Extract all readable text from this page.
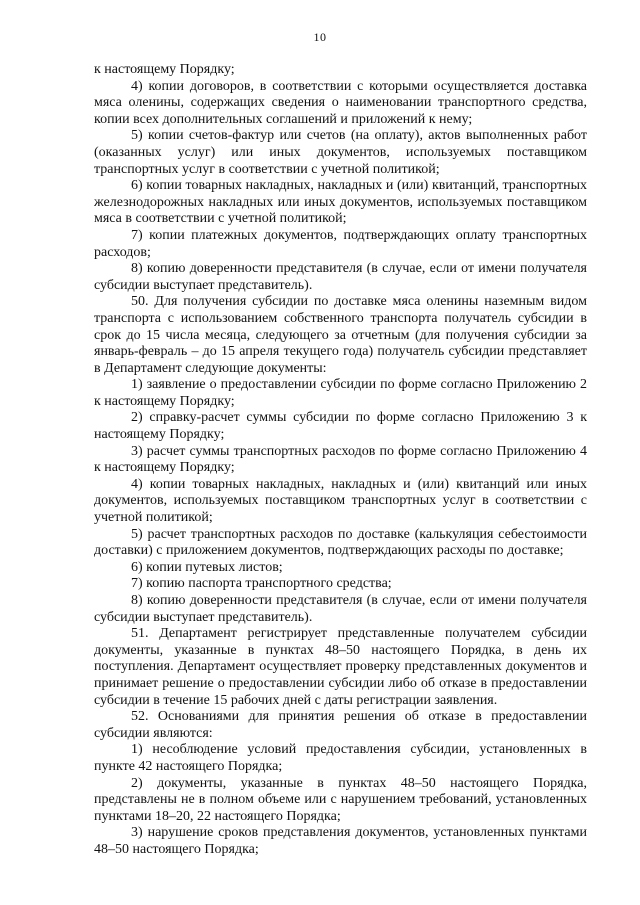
10

к настоящему Порядку;

4) копии договоров, в соответствии с которыми осуществляется доставка мяса оленины, содержащих сведения о наименовании транспортного средства, копии всех дополнительных соглашений и приложений к нему;

5) копии счетов-фактур или счетов (на оплату), актов выполненных работ (оказанных услуг) или иных документов, используемых поставщиком транспортных услуг в соответствии с учетной политикой;

6) копии товарных накладных, накладных и (или) квитанций, транспортных железнодорожных накладных или иных документов, используемых поставщиком мяса в соответствии с учетной политикой;

7) копии платежных документов, подтверждающих оплату транспортных расходов;

8) копию доверенности представителя (в случае, если от имени получателя субсидии выступает представитель).

50. Для получения субсидии по доставке мяса оленины наземным видом транспорта с использованием собственного транспорта получатель субсидии в срок до 15 числа месяца, следующего за отчетным (для получения субсидии за январь-февраль – до 15 апреля текущего года) получатель субсидии представляет в Департамент следующие документы:

1) заявление о предоставлении субсидии по форме согласно Приложению 2 к настоящему Порядку;

2) справку-расчет суммы субсидии по форме согласно Приложению 3 к настоящему Порядку;

3) расчет суммы транспортных расходов по форме согласно Приложению 4 к настоящему Порядку;

4) копии товарных накладных, накладных и (или) квитанций или иных документов, используемых поставщиком транспортных услуг в соответствии с учетной политикой;

5) расчет транспортных расходов по доставке (калькуляция себестоимости доставки) с приложением документов, подтверждающих расходы по доставке;

6) копии путевых листов;

7) копию паспорта транспортного средства;

8) копию доверенности представителя (в случае, если от имени получателя субсидии выступает представитель).

51. Департамент регистрирует представленные получателем субсидии документы, указанные в пунктах 48–50 настоящего Порядка, в день их поступления. Департамент осуществляет проверку представленных документов и принимает решение о предоставлении субсидии либо об отказе в предоставлении субсидии в течение 15 рабочих дней с даты регистрации заявления.

52. Основаниями для принятия решения об отказе в предоставлении субсидии являются:

1) несоблюдение условий предоставления субсидии, установленных в пункте 42 настоящего Порядка;

2) документы, указанные в пунктах 48–50 настоящего Порядка, представлены не в полном объеме или с нарушением требований, установленных пунктами 18–20, 22 настоящего Порядка;

3) нарушение сроков представления документов, установленных пунктами 48–50 настоящего Порядка;
